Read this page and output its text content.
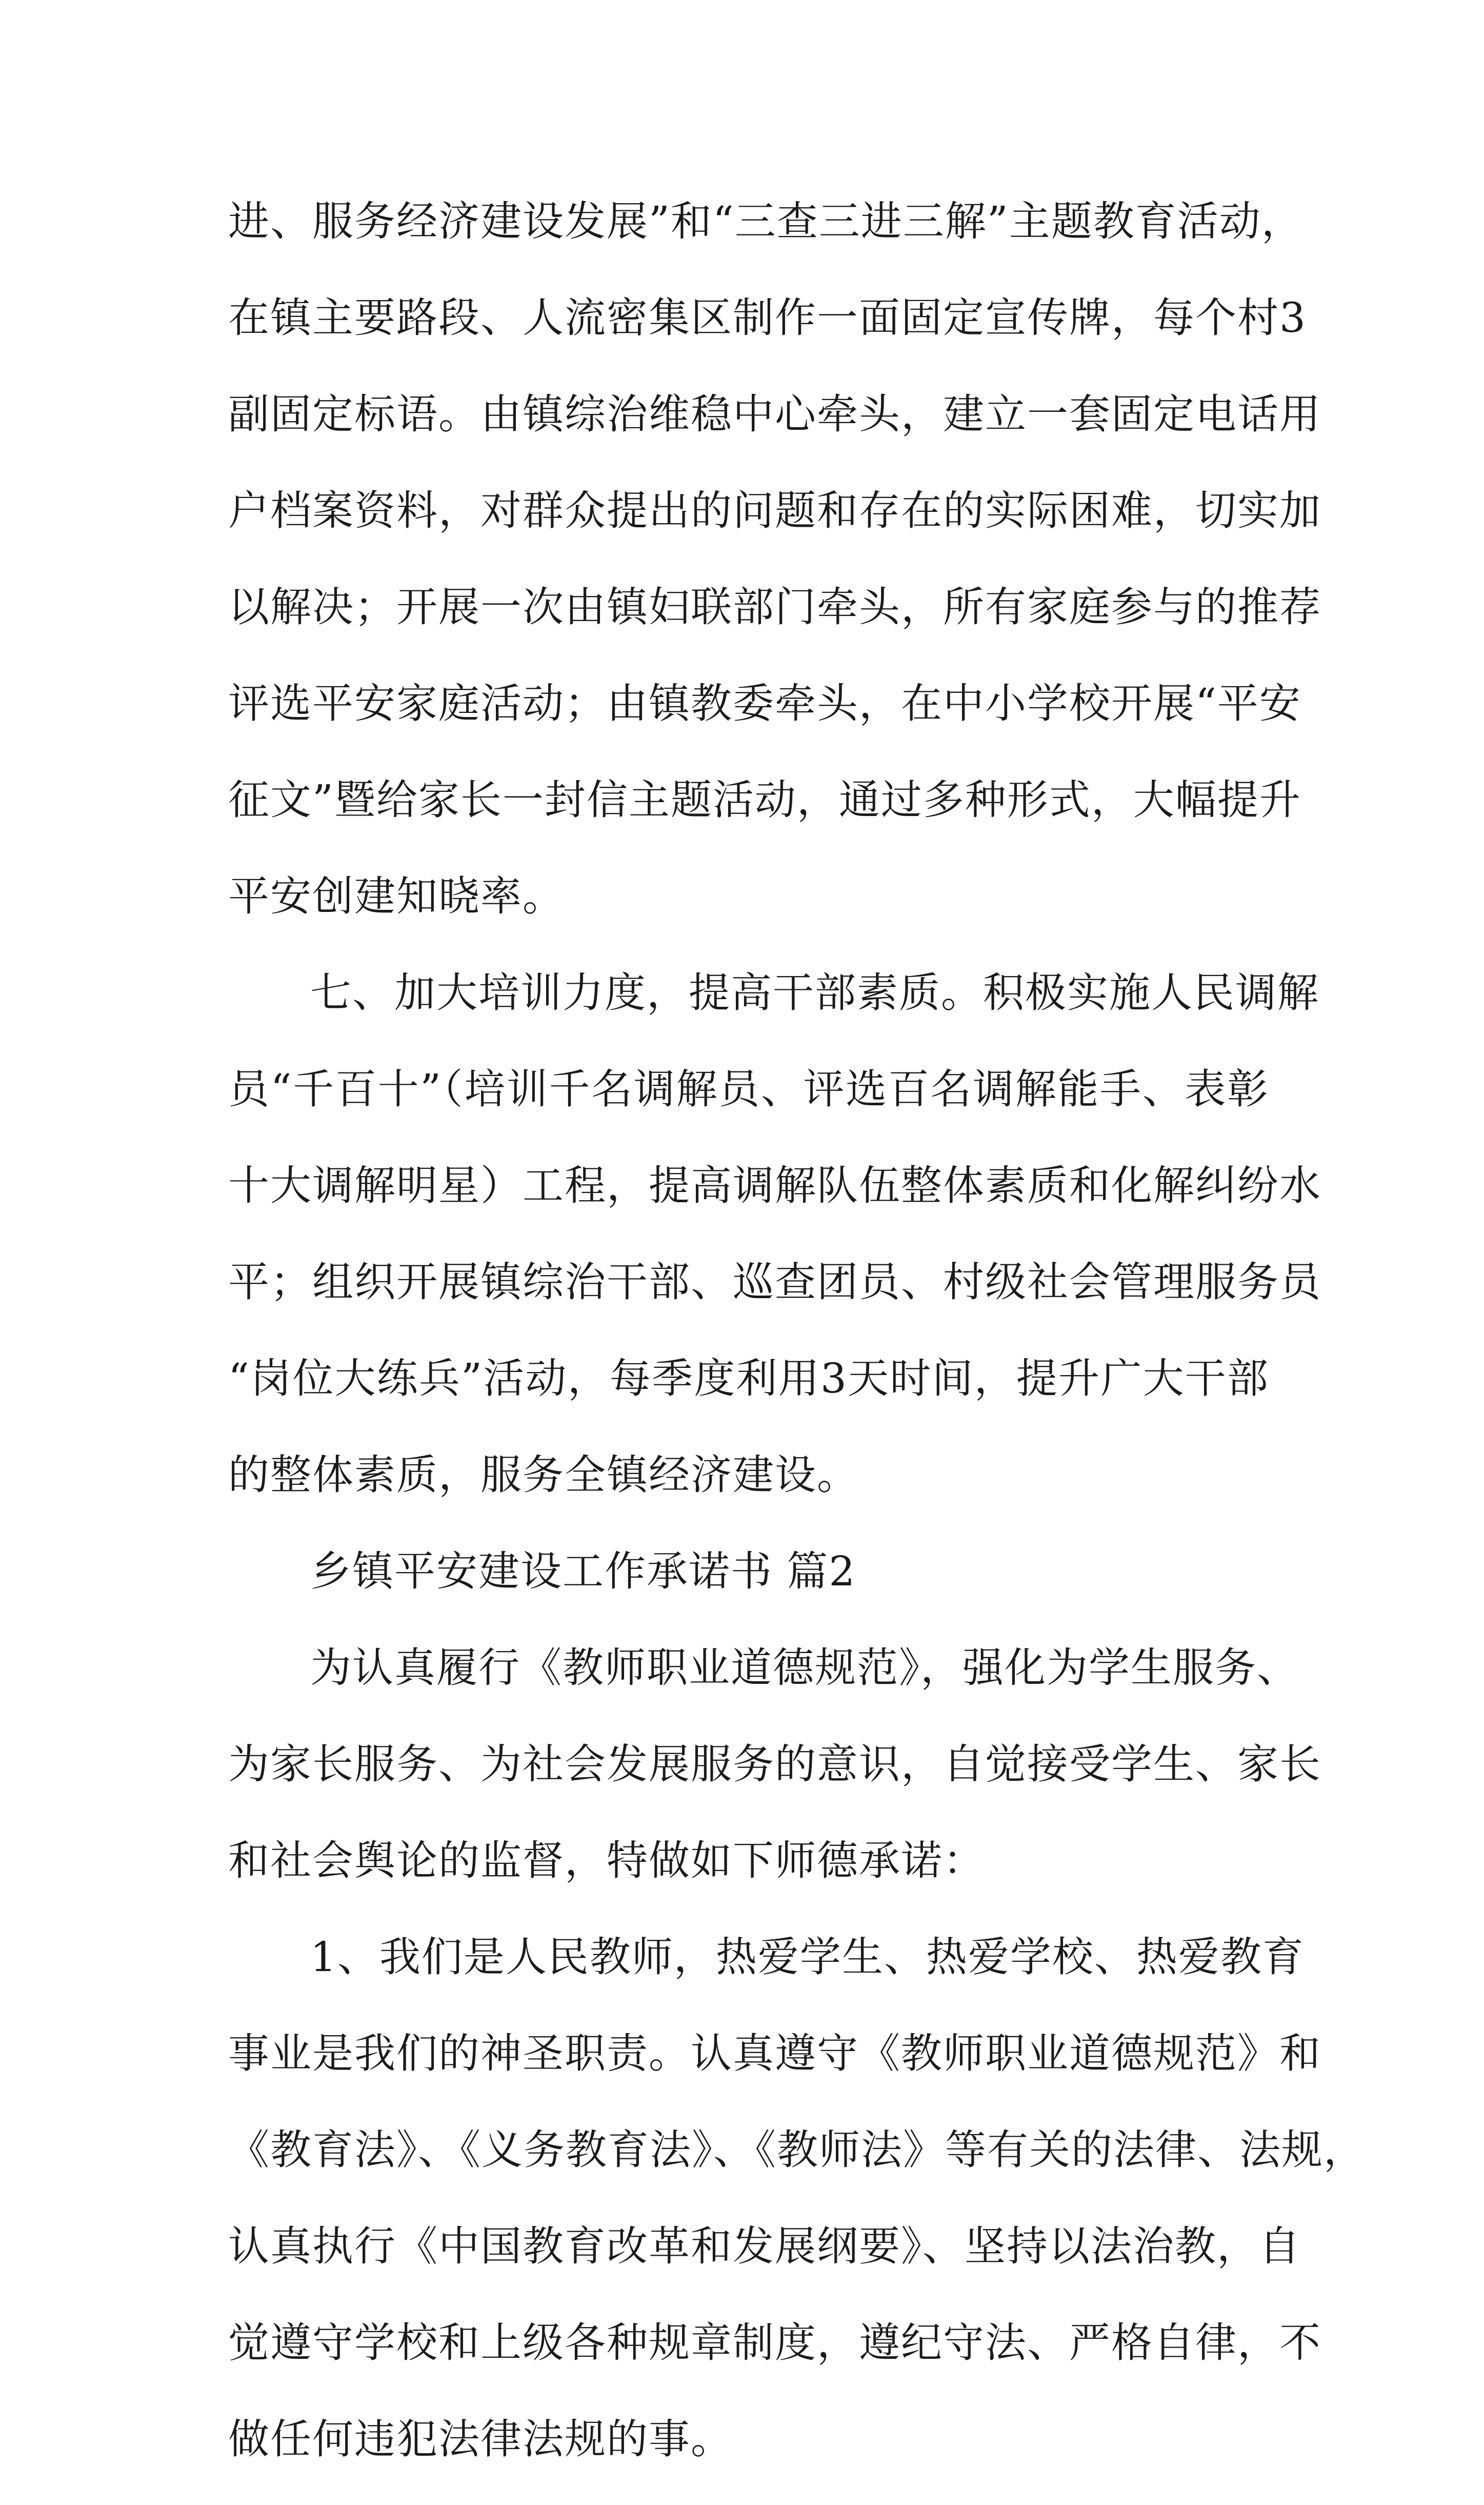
进、服务经济建设发展”和“三查三进三解”主题教育活动，
在镇主要路段、人流密集区制作一面固定宣传牌，每个村3
副固定标语。由镇综治维稳中心牵头，建立一套固定电话用
户档案资料，对群众提出的问题和存在的实际困难，切实加
以解决；开展一次由镇妇联部门牵头，所有家庭参与的推荐
评选平安家庭活动；由镇教委牵头，在中小学校开展“平安
征文”暨给家长一封信主题活动，通过多种形式，大幅提升
平安创建知晓率。
七、加大培训力度，提高干部素质。积极实施人民调解
员“千百十”（培训千名调解员、评选百名调解能手、表彰
十大调解明星）工程，提高调解队伍整体素质和化解纠纷水
平；组织开展镇综治干部、巡查团员、村级社会管理服务员
“岗位大练兵”活动，每季度利用3天时间，提升广大干部
的整体素质，服务全镇经济建设。
乡镇平安建设工作承诺书 篇2
为认真履行《教师职业道德规范》，强化为学生服务、
为家长服务、为社会发展服务的意识，自觉接受学生、家长
和社会舆论的监督，特做如下师德承诺：
1、我们是人民教师，热爱学生、热爱学校、热爱教育
事业是我们的神圣职责。认真遵守《教师职业道德规范》和
《教育法》、《义务教育法》、《教师法》等有关的法律、法规，
认真执行《中国教育改革和发展纲要》、坚持以法治教，自
觉遵守学校和上级各种规章制度，遵纪守法、严格自律，不
做任何违犯法律法规的事。
